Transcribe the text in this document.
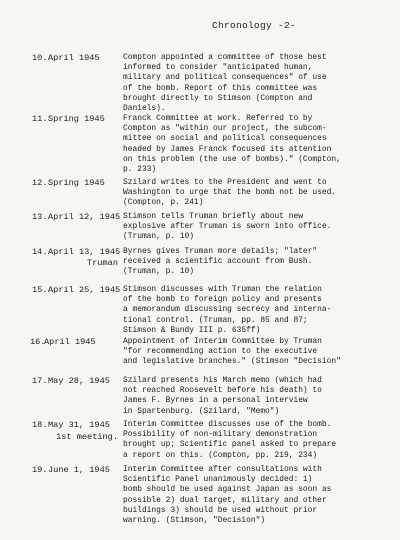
Chronology -2-
10. April 1945	Compton appointed a committee of those best
informed to consider "anticipated human,
military and political consequences" of use
of the bomb. Report of this committee was
brought directly to Stimson (Compton and
Daniels).
11. Spring 1945 Franck Committee at work. Referred to by
Compton as "within our project, the subcom-
mittee on social and political consequences
headed by James Franck focused its attention
on this problem (the use of bombs)." (Compton,
p. 233)
12. Spring 1945 Szilard writes to the President and went to
Washington to urge that the bomb not be used.
(Compton, p. 241)
13. April 12, 1945 Stimson tells Truman briefly about new
explosive after Truman is sworn into office.
(Truman, p. 10)
14. April 13, 1945
Truman
Byrnes gives Truman more details; "later"
received a scientific account from Bush.
(Truman, p. 10)
15. April 25, 1945 Stimson discusses with Truman the relation
of the bomb to foreign policy and presents
a memorandum discussing secrecy and interna-
tional control. (Truman, pp. 85 and 87;
Stimson & Bundy III p. 635ff)
16.
April 1945	Appointment of Interim Committee by Truman
"for recommending action to the executive
and legislative branches." (Stimson "Decision"
17. May 28, 1945 Szilard presents his March memo (which had
not reached Roosevelt before his death) to
James F. Byrnes in a personal interview
in Spartenburg. (Szilard, "Memo")
18. May 31, 1945
1st meeting.
Interim Committee discusses use of the bomb.
Possibility of non-military demonstration
brought up; Scientific panel asked to prepare
a report on this. (Compton, pp. 219, 234)
19. June 1, 1945 Interim Committee after consultations with
Scientific Panel unanimously decided: 1)
bomb should be used against Japan as soon as
possible 2) dual target, military and other
buildings 3) should be used without prior
warning. (Stimson, "Decision")
